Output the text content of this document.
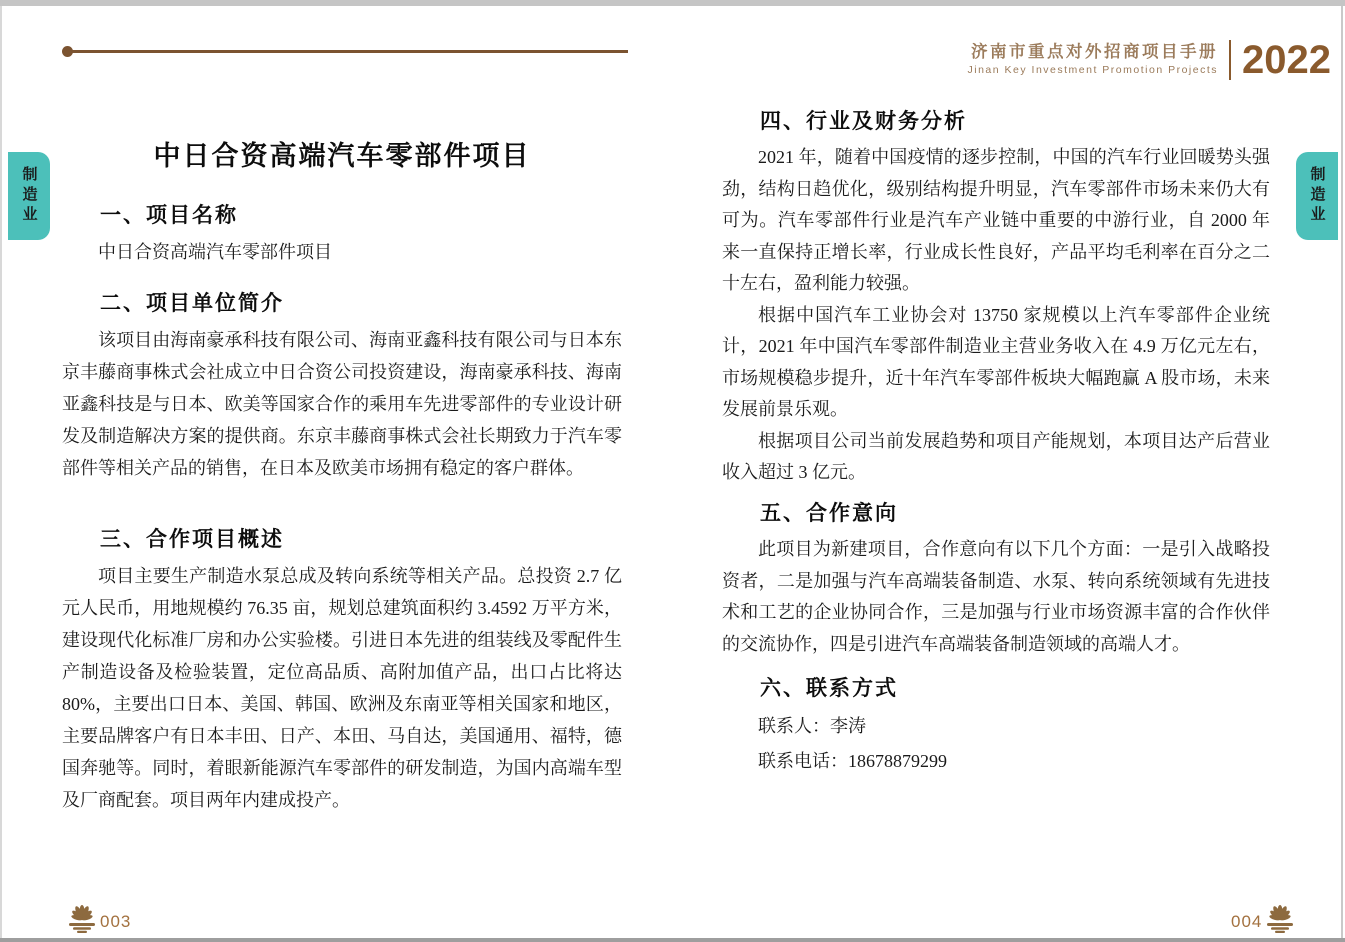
济南市重点对外招商项目手册
Jinan Key Investment Promotion Projects 2022
制造业	制造业
中日合资高端汽车零部件项目
一、项目名称

中日合资高端汽车零部件项目

二、项目单位简介

该项目由海南豪承科技有限公司、海南亚鑫科技有限公司与日本东京丰藤商事株式会社成立中日合资公司投资建设，海南豪承科技、海南亚鑫科技是与日本、欧美等国家合作的乘用车先进零部件的专业设计研发及制造解决方案的提供商。东京丰藤商事株式会社长期致力于汽车零部件等相关产品的销售，在日本及欧美市场拥有稳定的客户群体。

三、合作项目概述

项目主要生产制造水泵总成及转向系统等相关产品。总投资 2.7 亿元人民币，用地规模约 76.35 亩，规划总建筑面积约 3.4592 万平方米，建设现代化标准厂房和办公实验楼。引进日本先进的组装线及零配件生产制造设备及检验装置，定位高品质、高附加值产品，出口占比将达 80%，主要出口日本、美国、韩国、欧洲及东南亚等相关国家和地区，主要品牌客户有日本丰田、日产、本田、马自达，美国通用、福特，德国奔驰等。同时，着眼新能源汽车零部件的研发制造，为国内高端车型及厂商配套。项目两年内建成投产。

四、行业及财务分析

2021 年，随着中国疫情的逐步控制，中国的汽车行业回暖势头强劲，结构日趋优化，级别结构提升明显，汽车零部件市场未来仍大有可为。汽车零部件行业是汽车产业链中重要的中游行业，自 2000 年来一直保持正增长率，行业成长性良好，产品平均毛利率在百分之二十左右，盈利能力较强。

根据中国汽车工业协会对 13750 家规模以上汽车零部件企业统计，2021 年中国汽车零部件制造业主营业务收入在 4.9 万亿元左右，市场规模稳步提升，近十年汽车零部件板块大幅跑赢 A 股市场，未来发展前景乐观。

根据项目公司当前发展趋势和项目产能规划，本项目达产后营业收入超过 3 亿元。

五、合作意向

此项目为新建项目，合作意向有以下几个方面：一是引入战略投资者，二是加强与汽车高端装备制造、水泵、转向系统领域有先进技术和工艺的企业协同合作，三是加强与行业市场资源丰富的合作伙伴的交流协作，四是引进汽车高端装备制造领域的高端人才。

六、联系方式

联系人：李涛

联系电话：18678879299

003	004
